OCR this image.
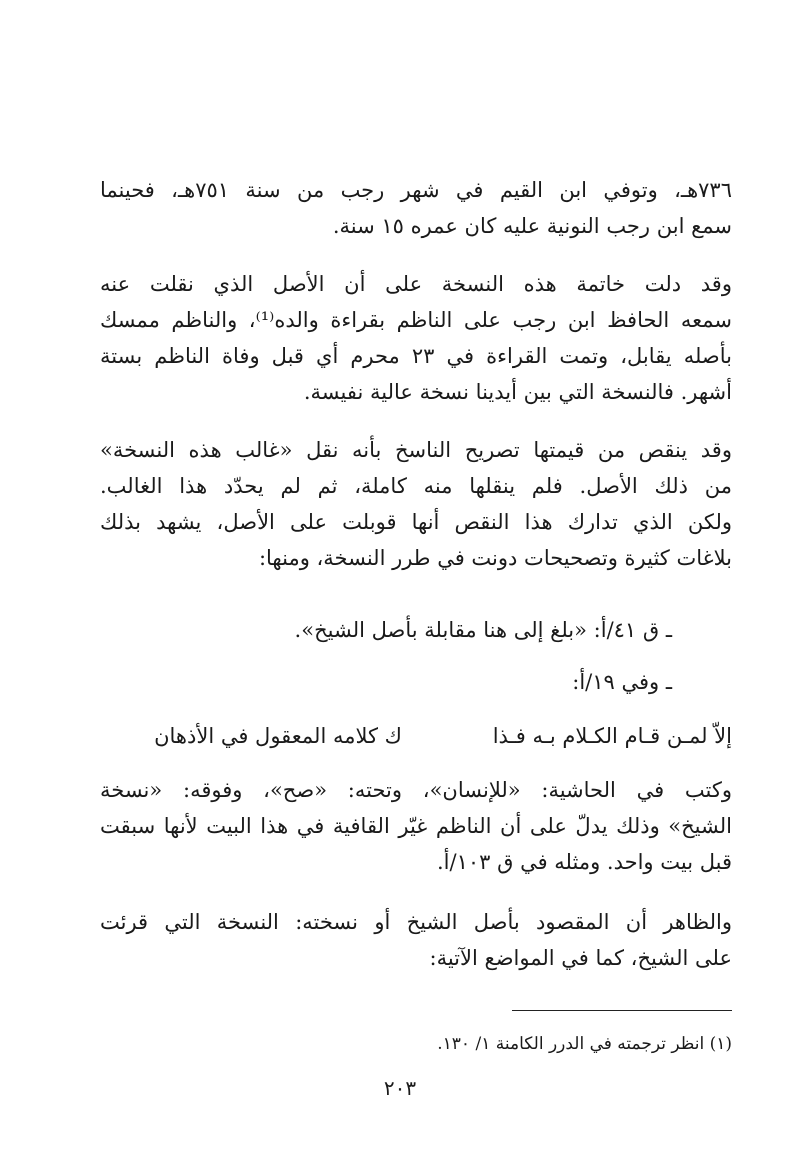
٧٣٦هـ، وتوفي ابن القيم في شهر رجب من سنة ٧٥١هـ، فحينما
سمع ابن رجب النونية عليه كان عمره ١٥ سنة.
وقد دلت خاتمة هذه النسخة على أن الأصل الذي نقلت عنه
سمعه الحافظ ابن رجب على الناظم بقراءة والده⁽¹⁾، والناظم ممسك
بأصله يقابل، وتمت القراءة في ٢٣ محرم أي قبل وفاة الناظم بستة
أشهر. فالنسخة التي بين أيدينا نسخة عالية نفيسة.
وقد ينقص من قيمتها تصريح الناسخ بأنه نقل «غالب هذه النسخة»
من ذلك الأصل. فلم ينقلها منه كاملة، ثم لم يحدّد هذا الغالب.
ولكن الذي تدارك هذا النقص أنها قوبلت على الأصل، يشهد بذلك
بلاغات كثيرة وتصحيحات دونت في طرر النسخة، ومنها:
ـ ق ٤١/أ: «بلغ إلى هنا مقابلة بأصل الشيخ».
ـ وفي ١٩/أ:
إلاّ لمـن قـام الكـلام بـه فـذا
ك كلامه المعقول في الأذهان
وكتب في الحاشية: «للإنسان»، وتحته: «صح»، وفوقه: «نسخة
الشيخ» وذلك يدلّ على أن الناظم غيّر القافية في هذا البيت لأنها سبقت
قبل بيت واحد. ومثله في ق ١٠٣/أ.
والظاهر أن المقصود بأصل الشيخ أو نسخته: النسخة التي قرئت
على الشيخ، كما في المواضع الآتية:
(١) انظر ترجمته في الدرر الكامنة ١/ ١٣٠.
٢٠٣
